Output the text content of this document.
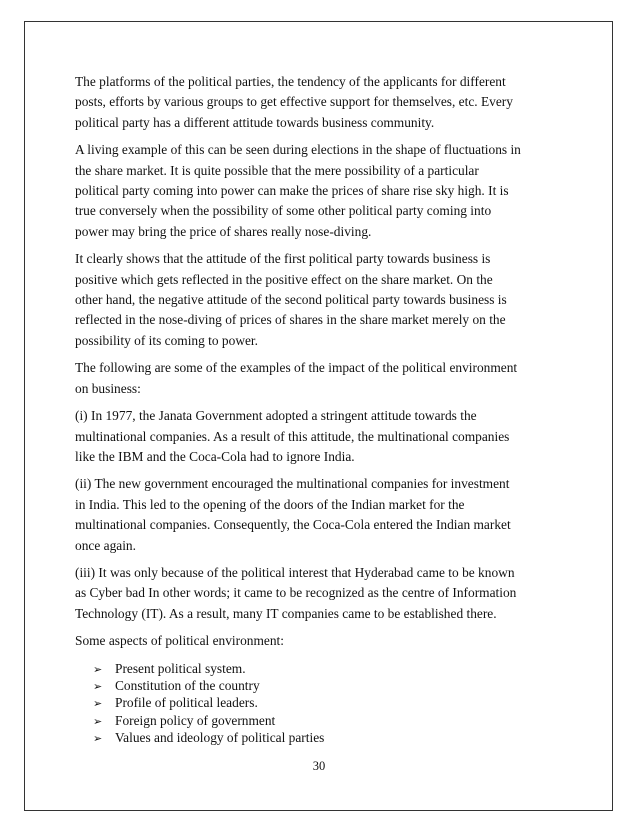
The platforms of the political parties, the tendency of the applicants for different
posts, efforts by various groups to get effective support for themselves, etc. Every
political party has a different attitude towards business community.

A living example of this can be seen during elections in the shape of fluctuations in
the share market. It is quite possible that the mere possibility of a particular
political party coming into power can make the prices of share rise sky high. It is
true conversely when the possibility of some other political party coming into
power may bring the price of shares really nose-diving.

It clearly shows that the attitude of the first political party towards business is
positive which gets reflected in the positive effect on the share market. On the
other hand, the negative attitude of the second political party towards business is
reflected in the nose-diving of prices of shares in the share market merely on the
possibility of its coming to power.

The following are some of the examples of the impact of the political environment
on business:

(i) In 1977, the Janata Government adopted a stringent attitude towards the
multinational companies. As a result of this attitude, the multinational companies
like the IBM and the Coca-Cola had to ignore India.

(ii) The new government encouraged the multinational companies for investment
in India. This led to the opening of the doors of the Indian market for the
multinational companies. Consequently, the Coca-Cola entered the Indian market
once again.

(iii) It was only because of the political interest that Hyderabad came to be known
as Cyber bad In other words; it came to be recognized as the centre of Information
Technology (IT). As a result, many IT companies came to be established there.

Some aspects of political environment:

➢ Present political system.
➢ Constitution of the country
➢ Profile of political leaders.
➢ Foreign policy of government
➢ Values and ideology of political parties
30
